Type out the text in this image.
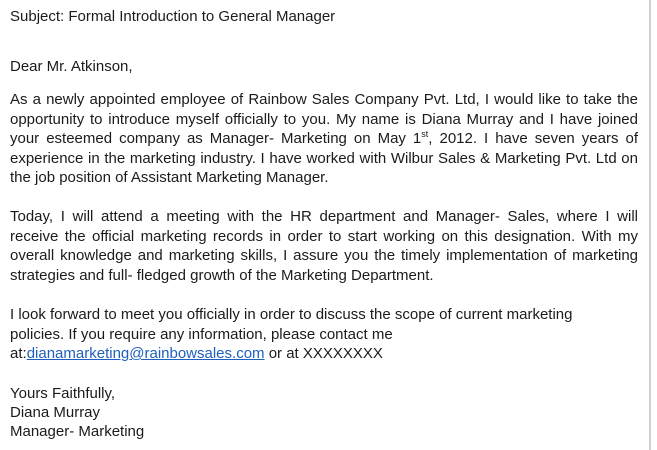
Subject: Formal Introduction to General Manager
Dear Mr. Atkinson,
As a newly appointed employee of Rainbow Sales Company Pvt. Ltd, I would like to take the
opportunity to introduce myself officially to you. My name is Diana Murray and I have joined
your esteemed company as Manager- Marketing on May 1st, 2012. I have seven years of
experience in the marketing industry. I have worked with Wilbur Sales & Marketing Pvt. Ltd on
the job position of Assistant Marketing Manager.
Today, I will attend a meeting with the HR department and Manager- Sales, where I will
receive the official marketing records in order to start working on this designation. With my
overall knowledge and marketing skills, I assure you the timely implementation of marketing
strategies and full- fledged growth of the Marketing Department.
I look forward to meet you officially in order to discuss the scope of current marketing
policies. If you require any information, please contact me
at:dianamarketing@rainbowsales.com or at XXXXXXXX
Yours Faithfully,
Diana Murray
Manager- Marketing
